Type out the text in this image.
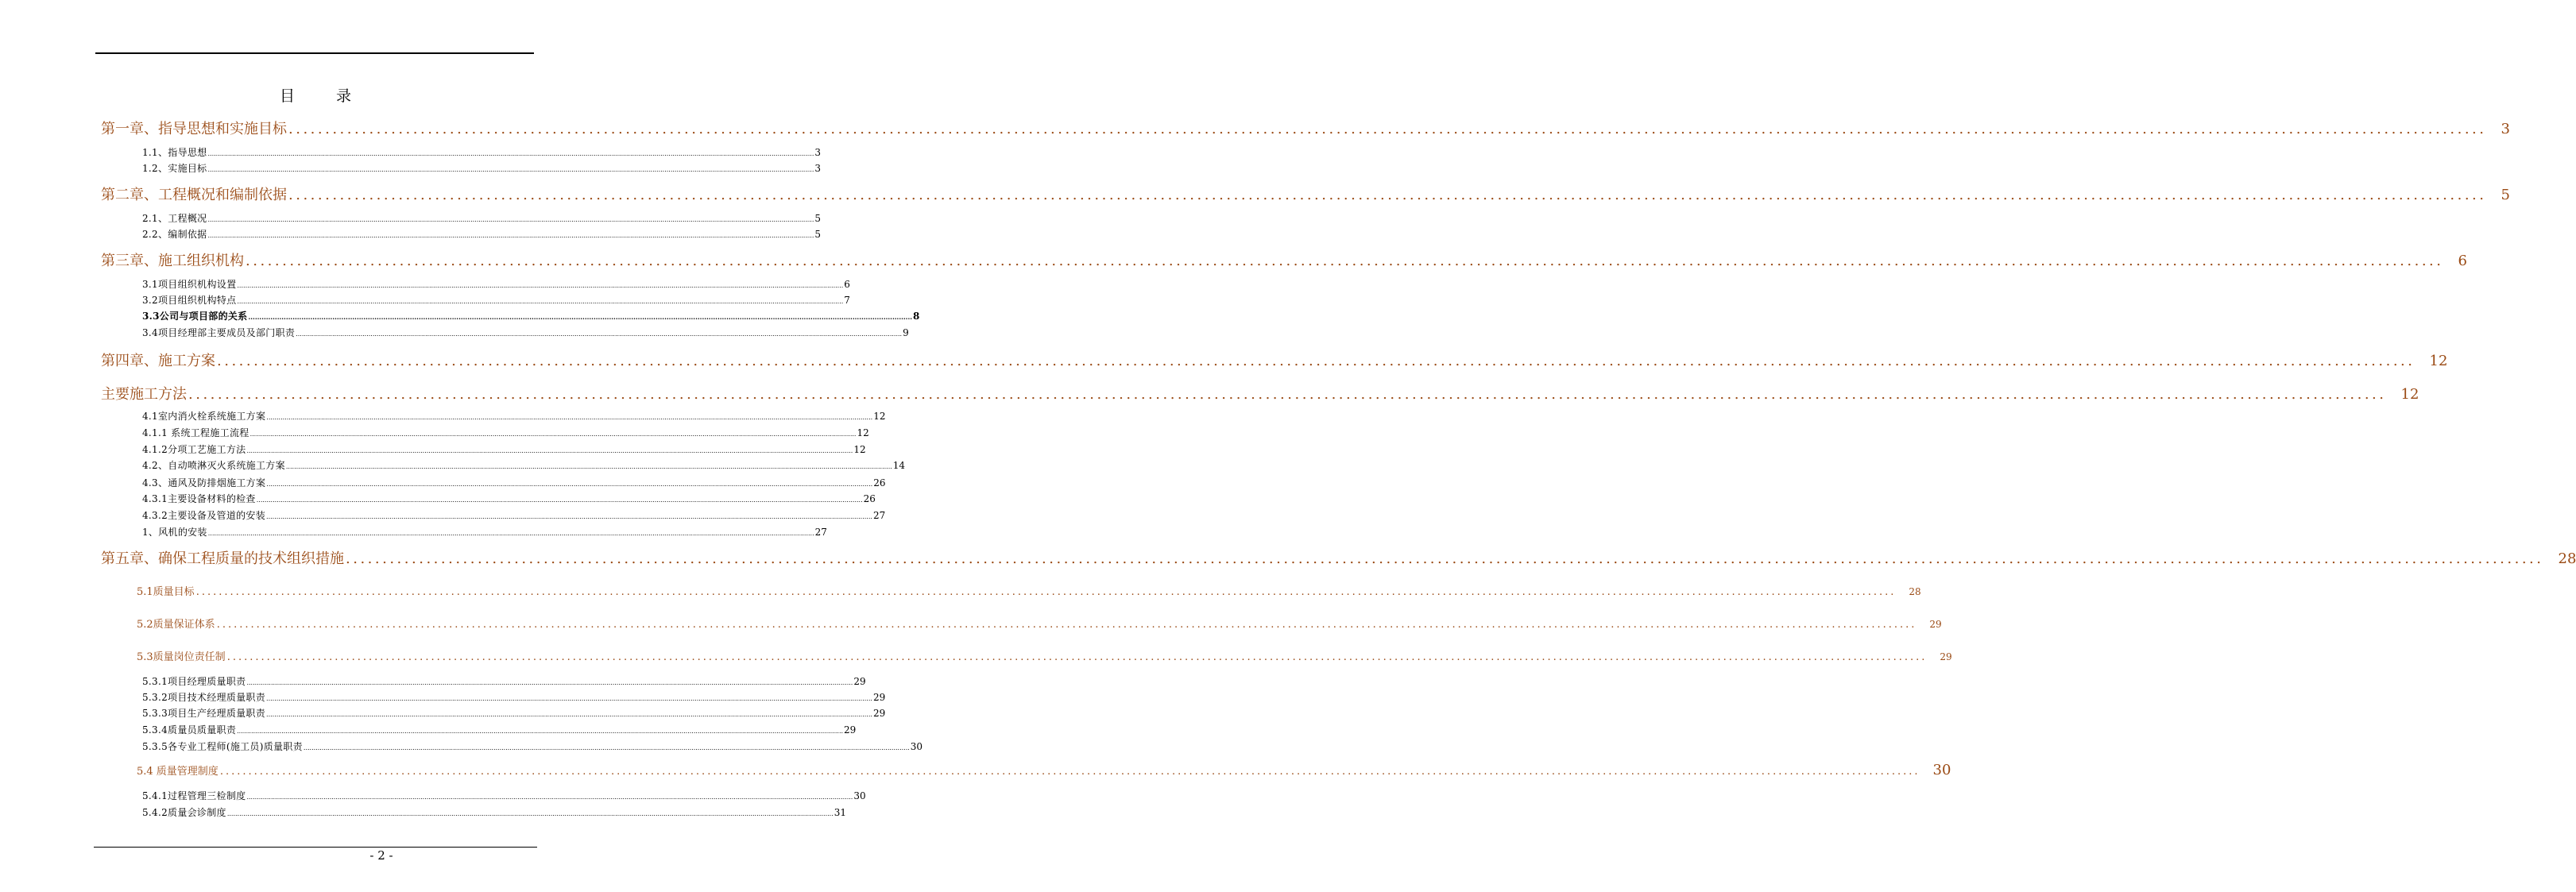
目录
第一章、指导思想和实施目标 ............................................................................................................................................................................................................................................................................................................ 3
1.1、指导思想 ............................................................................................................................................................................................................................................................................................................ 3
1.2、实施目标 ............................................................................................................................................................................................................................................................................................................ 3
第二章、工程概况和编制依据 ............................................................................................................................................................................................................................................................................................................ 5
2.1、工程概况 ............................................................................................................................................................................................................................................................................................................ 5
2.2、编制依据 ............................................................................................................................................................................................................................................................................................................ 5
第三章、施工组织机构 ............................................................................................................................................................................................................................................................................................................ 6
3.1项目组织机构设置 ............................................................................................................................................................................................................................................................................................................ 6
3.2项目组织机构特点 ............................................................................................................................................................................................................................................................................................................ 7
3.3公司与项目部的关系 ............................................................................................................................................................................................................................................................................................................ 8
3.4项目经理部主要成员及部门职责 ............................................................................................................................................................................................................................................................................................................ 9
第四章、施工方案 ............................................................................................................................................................................................................................................................................................................ 12
主要施工方法 ............................................................................................................................................................................................................................................................................................................ 12
4.1室内消火栓系统施工方案 ............................................................................................................................................................................................................................................................................................................ 12
4.1.1 系统工程施工流程 ............................................................................................................................................................................................................................................................................................................ 12
4.1.2分项工艺施工方法 ............................................................................................................................................................................................................................................................................................................ 12
4.2、自动喷淋灭火系统施工方案 ............................................................................................................................................................................................................................................................................................................ 14
4.3、通风及防排烟施工方案 ............................................................................................................................................................................................................................................................................................................ 26
4.3.1主要设备材料的检查 ............................................................................................................................................................................................................................................................................................................ 26
4.3.2主要设备及管道的安装 ............................................................................................................................................................................................................................................................................................................ 27
1、风机的安装 ............................................................................................................................................................................................................................................................................................................ 27
第五章、确保工程质量的技术组织措施 ............................................................................................................................................................................................................................................................................................................ 28
5.1质量目标 ............................................................................................................................................................................................................................................................................................................ 28
5.2质量保证体系 ............................................................................................................................................................................................................................................................................................................ 29
5.3质量岗位责任制 ............................................................................................................................................................................................................................................................................................................ 29
5.3.1项目经理质量职责 ............................................................................................................................................................................................................................................................................................................ 29
5.3.2项目技术经理质量职责 ............................................................................................................................................................................................................................................................................................................ 29
5.3.3项目生产经理质量职责 ............................................................................................................................................................................................................................................................................................................ 29
5.3.4质量员质量职责 ............................................................................................................................................................................................................................................................................................................ 29
5.3.5各专业工程师(施工员)质量职责 ............................................................................................................................................................................................................................................................................................................ 30
5.4 质量管理制度 ............................................................................................................................................................................................................................................................................................................ 30
5.4.1过程管理三检制度 ............................................................................................................................................................................................................................................................................................................ 30
5.4.2质量会诊制度 ............................................................................................................................................................................................................................................................................................................ 31
- 2 -
